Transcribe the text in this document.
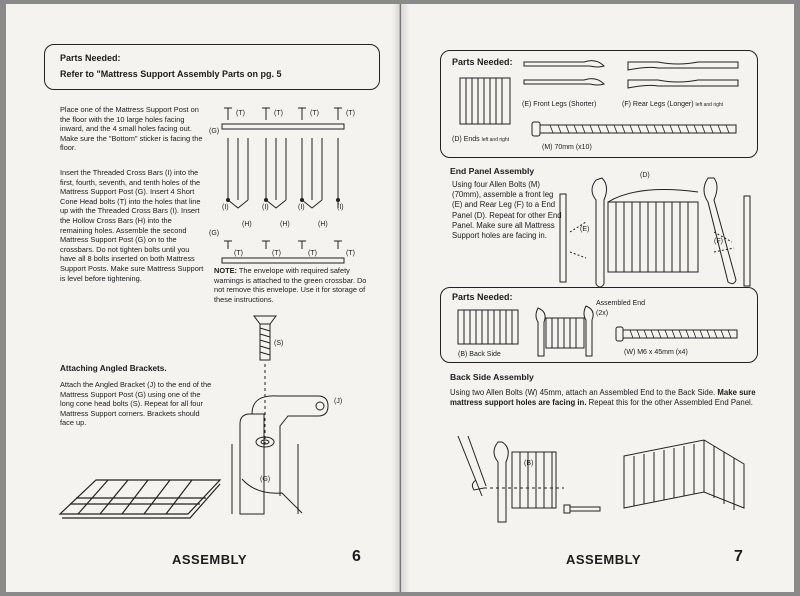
Parts Needed:
Refer to "Mattress Support Assembly Parts on pg. 5
Place one of the Mattress Support Post on the floor with the 10 large holes facing inward, and the 4 small holes facing out. Make sure the "Bottom" sticker is facing the floor.
Insert the Threaded Cross Bars (I) into the first, fourth, seventh, and tenth holes of the Mattress Support Post (G). Insert 4 Short Cone Head bolts (T) into the holes that line up with the Threaded Cross Bars (I). Insert the Hollow Cross Bars (H) into the remaining holes. Assemble the second Mattress Support Post (G) on to the crossbars. Do not tighten bolts until you have all 8 bolts inserted on both Mattress Support Posts. Make sure Mattress Support is level before tightening.
(T)	(T)	(T)	(T)
(G)
(I)	(I)	(I)	(I)
(H)	(H)	(H)
(G)
(T)	(T)	(T)	(T)
NOTE: The envelope with required safety warnings is attached to the green crossbar. Do not remove this envelope. Use it for storage of these instructions.
Attaching Angled Brackets.
Attach the Angled Bracket (J) to the end of the Mattress Support Post (G) using one of the long cone head bolts (S). Repeat for all four Mattress Support corners. Brackets should face up.
(S)
(J)
(G)
ASSEMBLY	6
Parts Needed:
(E) Front Legs (Shorter)	(F) Rear Legs (Longer) left and right
(D) Ends left and right
(M) 70mm (x10)
End Panel Assembly
Using four Allen Bolts (M) (70mm), assemble a front leg (E) and Rear Leg (F) to a End Panel (D). Repeat for other End Panel. Make sure all Mattress Support holes are facing in.
(D)
(E)
(F)
Parts Needed:
Assembled End
(2x)
(B) Back Side	(W) M6 x 45mm (x4)
Back Side Assembly
Using two Allen Bolts (W) 45mm, attach an Assembled End to the Back Side. Make sure mattress support holes are facing in. Repeat this for the other Assembled End Panel.
(B)
ASSEMBLY	7
